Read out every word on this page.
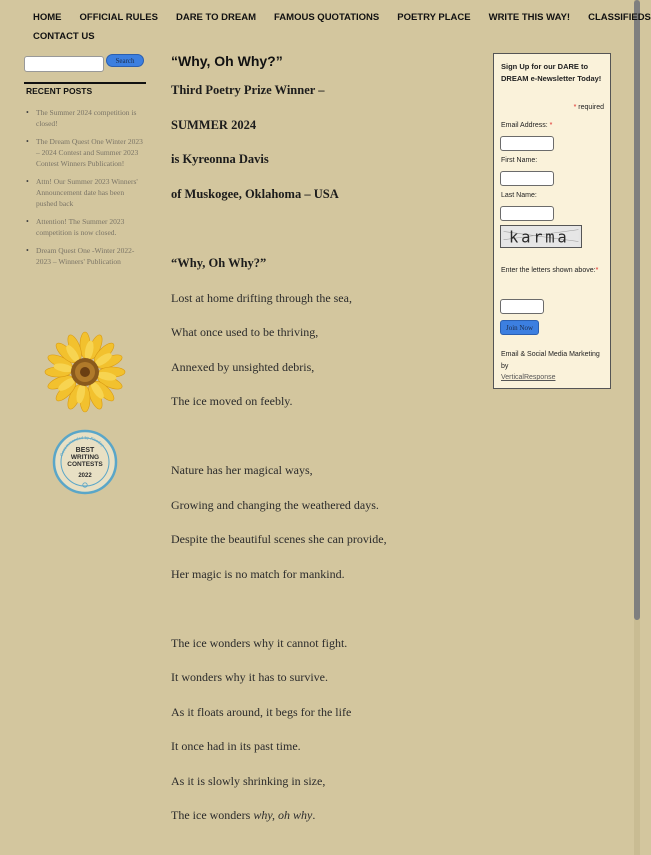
HOME OFFICIAL RULES DARE TO DREAM FAMOUS QUOTATIONS POETRY PLACE WRITE THIS WAY! CLASSIFIEDS
CONTACT US
Search
RECENT POSTS
• The Summer 2024 competition is closed!
• The Dream Quest One Winter 2023 – 2024 Contest and Summer 2023 Contest Winners Publication!
• Attn! Our Summer 2023 Winners' Announcement date has been pushed back
• Attention! The Summer 2023 competition is now closed.
• Dream Quest One -Winter 2022-2023 – Winners' Publication
Recommended by Reedsy
BEST
WRITING
CONTESTS
2022
“Why, Oh Why?”
Third Poetry Prize Winner –
SUMMER 2024
is Kyreonna Davis
of Muskogee, Oklahoma – USA
“Why, Oh Why?”
Lost at home drifting through the sea,
What once used to be thriving,
Annexed by unsighted debris,
The ice moved on feebly.
Nature has her magical ways,
Growing and changing the weathered days.
Despite the beautiful scenes she can provide,
Her magic is no match for mankind.
The ice wonders why it cannot fight.
It wonders why it has to survive.
As it floats around, it begs for the life
It once had in its past time.
As it is slowly shrinking in size,
The ice wonders why, oh why.
Sign Up for our DARE to DREAM e-Newsletter Today!
* required
Email Address: *
First Name:
Last Name:
karma
Enter the letters shown above:*
Join Now
Email & Social Media Marketing by
VerticalResponse
